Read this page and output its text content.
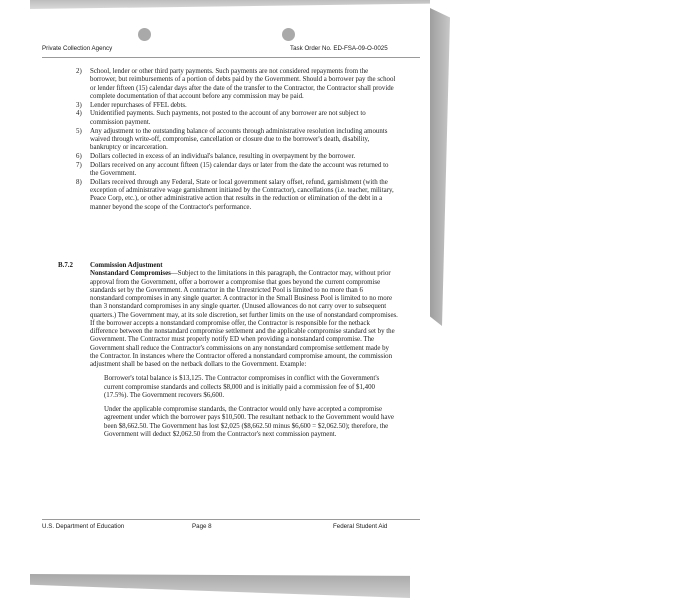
Private Collection Agency	Task Order No. ED-FSA-09-O-0025
2) School, lender or other third party payments. Such payments are not considered repayments from the borrower, but reimbursements of a portion of debts paid by the Government. Should a borrower pay the school or lender fifteen (15) calendar days after the date of the transfer to the Contractor, the Contractor shall provide complete documentation of that account before any commission may be paid.
3) Lender repurchases of FFEL debts.
4) Unidentified payments. Such payments, not posted to the account of any borrower are not subject to commission payment.
5) Any adjustment to the outstanding balance of accounts through administrative resolution including amounts waived through write-off, compromise, cancellation or closure due to the borrower's death, disability, bankruptcy or incarceration.
6) Dollars collected in excess of an individual's balance, resulting in overpayment by the borrower.
7) Dollars received on any account fifteen (15) calendar days or later from the date the account was returned to the Government.
8) Dollars received through any Federal, State or local government salary offset, refund, garnishment (with the exception of administrative wage garnishment initiated by the Contractor), cancellations (i.e. teacher, military, Peace Corp, etc.), or other administrative action that results in the reduction or elimination of the debt in a manner beyond the scope of the Contractor's performance.
B.7.2 Commission Adjustment
Nonstandard Compromises—Subject to the limitations in this paragraph, the Contractor may, without prior approval from the Government, offer a borrower a compromise that goes beyond the current compromise standards set by the Government. A contractor in the Unrestricted Pool is limited to no more than 6 nonstandard compromises in any single quarter. A contractor in the Small Business Pool is limited to no more than 3 nonstandard compromises in any single quarter. (Unused allowances do not carry over to subsequent quarters.) The Government may, at its sole discretion, set further limits on the use of nonstandard compromises. If the borrower accepts a nonstandard compromise offer, the Contractor is responsible for the netback difference between the nonstandard compromise settlement and the applicable compromise standard set by the Government. The Contractor must properly notify ED when providing a nonstandard compromise. The Government shall reduce the Contractor's commissions on any nonstandard compromise settlement made by the Contractor. In instances where the Contractor offered a nonstandard compromise amount, the commission adjustment shall be based on the netback dollars to the Government. Example:
Borrower's total balance is $13,125. The Contractor compromises in conflict with the Government's current compromise standards and collects $8,000 and is initially paid a commission fee of $1,400 (17.5%). The Government recovers $6,600.
Under the applicable compromise standards, the Contractor would only have accepted a compromise agreement under which the borrower pays $10,500. The resultant netback to the Government would have been $8,662.50. The Government has lost $2,025 ($8,662.50 minus $6,600 = $2,062.50); therefore, the Government will deduct $2,062.50 from the Contractor's next commission payment.
U.S. Department of Education	Page 8	Federal Student Aid
